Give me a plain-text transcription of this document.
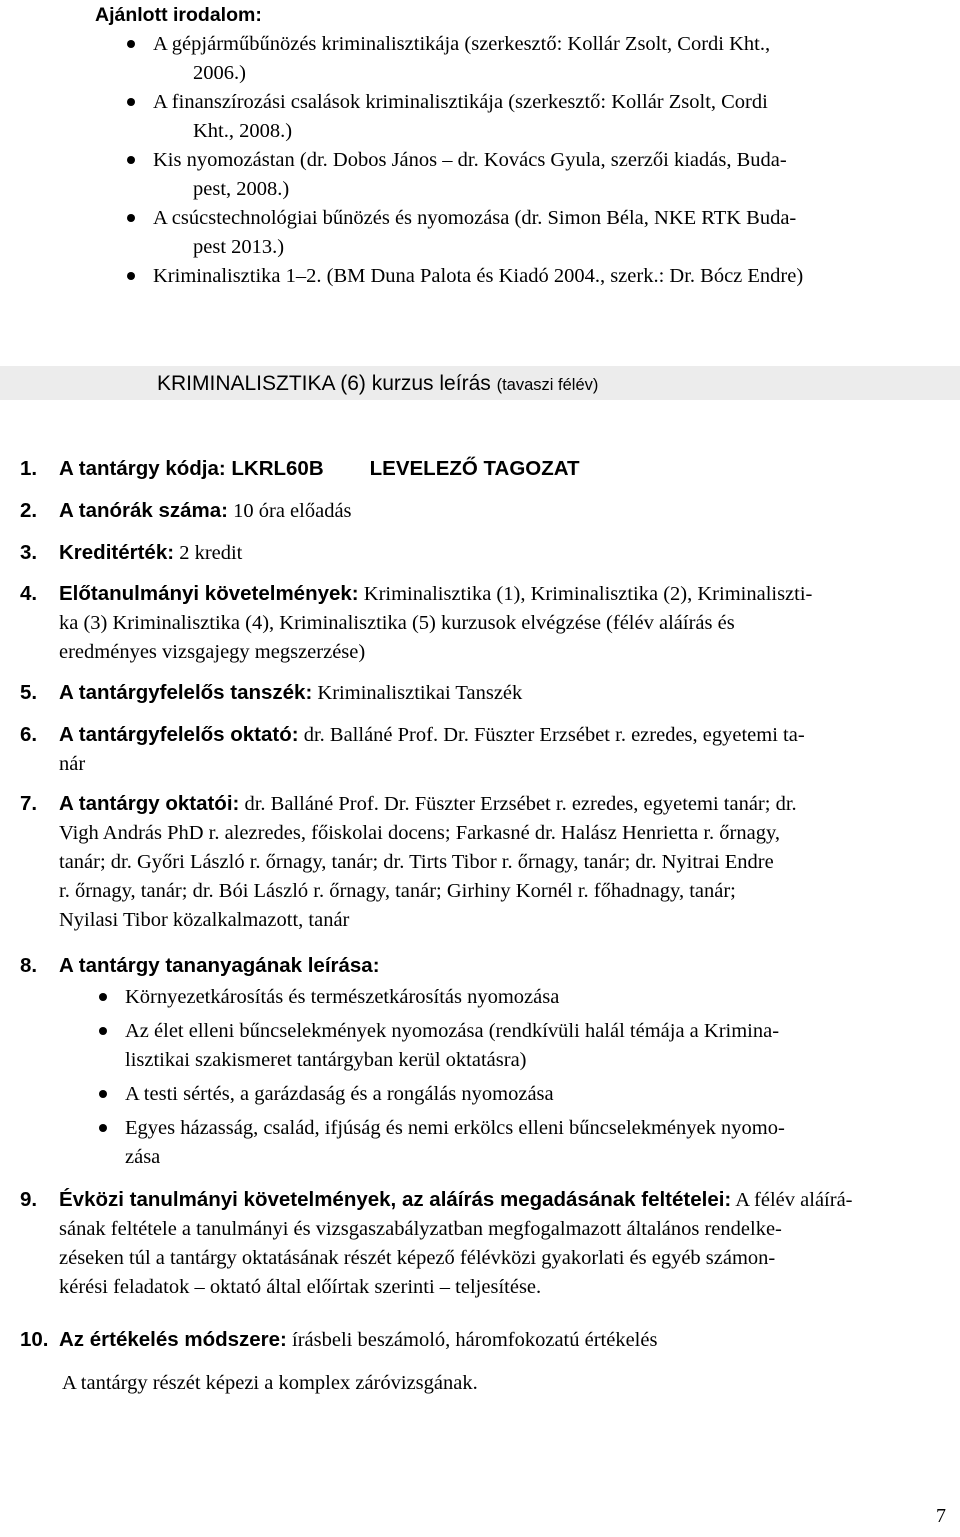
Ajánlott irodalom:
A gépjárműbűnözés kriminalisztikája (szerkesztő: Kollár Zsolt, Cordi Kht.,
2006.)
A finanszírozási csalások kriminalisztikája (szerkesztő: Kollár Zsolt, Cordi
Kht., 2008.)
Kis nyomozástan (dr. Dobos János – dr. Kovács Gyula, szerzői kiadás, Buda-
pest, 2008.)
A csúcstechnológiai bűnözés és nyomozása (dr. Simon Béla, NKE RTK Buda-
pest 2013.)
Kriminalisztika 1–2. (BM Duna Palota és Kiadó 2004., szerk.: Dr. Bócz Endre)
KRIMINALISZTIKA (6) kurzus leírás (tavaszi félév)
1. A tantárgy kódja: LKRL60B LEVELEZŐ TAGOZAT
2. A tanórák száma: 10 óra előadás
3. Kreditérték: 2 kredit
4. Előtanulmányi követelmények: Kriminalisztika (1), Kriminalisztika (2), Kriminaliszti-
ka (3) Kriminalisztika (4), Kriminalisztika (5) kurzusok elvégzése (félév aláírás és
eredményes vizsgajegy megszerzése)
5. A tantárgyfelelős tanszék: Kriminalisztikai Tanszék
6. A tantárgyfelelős oktató: dr. Balláné Prof. Dr. Füszter Erzsébet r. ezredes, egyetemi ta-
nár
7. A tantárgy oktatói: dr. Balláné Prof. Dr. Füszter Erzsébet r. ezredes, egyetemi tanár; dr.
Vigh András PhD r. alezredes, főiskolai docens; Farkasné dr. Halász Henrietta r. őrnagy,
tanár; dr. Győri László r. őrnagy, tanár; dr. Tirts Tibor r. őrnagy, tanár; dr. Nyitrai Endre
r. őrnagy, tanár; dr. Bói László r. őrnagy, tanár; Girhiny Kornél r. főhadnagy, tanár;
Nyilasi Tibor közalkalmazott, tanár
8. A tantárgy tananyagának leírása:
Környezetkárosítás és természetkárosítás nyomozása
Az élet elleni bűncselekmények nyomozása (rendkívüli halál témája a Krimina-
lisztikai szakismeret tantárgyban kerül oktatásra)
A testi sértés, a garázdaság és a rongálás nyomozása
Egyes házasság, család, ifjúság és nemi erkölcs elleni bűncselekmények nyomo-
zása
9. Évközi tanulmányi követelmények, az aláírás megadásának feltételei: A félév aláírá-
sának feltétele a tanulmányi és vizsgaszabályzatban megfogalmazott általános rendelke-
zéseken túl a tantárgy oktatásának részét képező félévközi gyakorlati és egyéb számon-
kérési feladatok – oktató által előírtak szerinti – teljesítése.
10. Az értékelés módszere: írásbeli beszámoló, háromfokozatú értékelés
A tantárgy részét képezi a komplex záróvizsgának.
7
